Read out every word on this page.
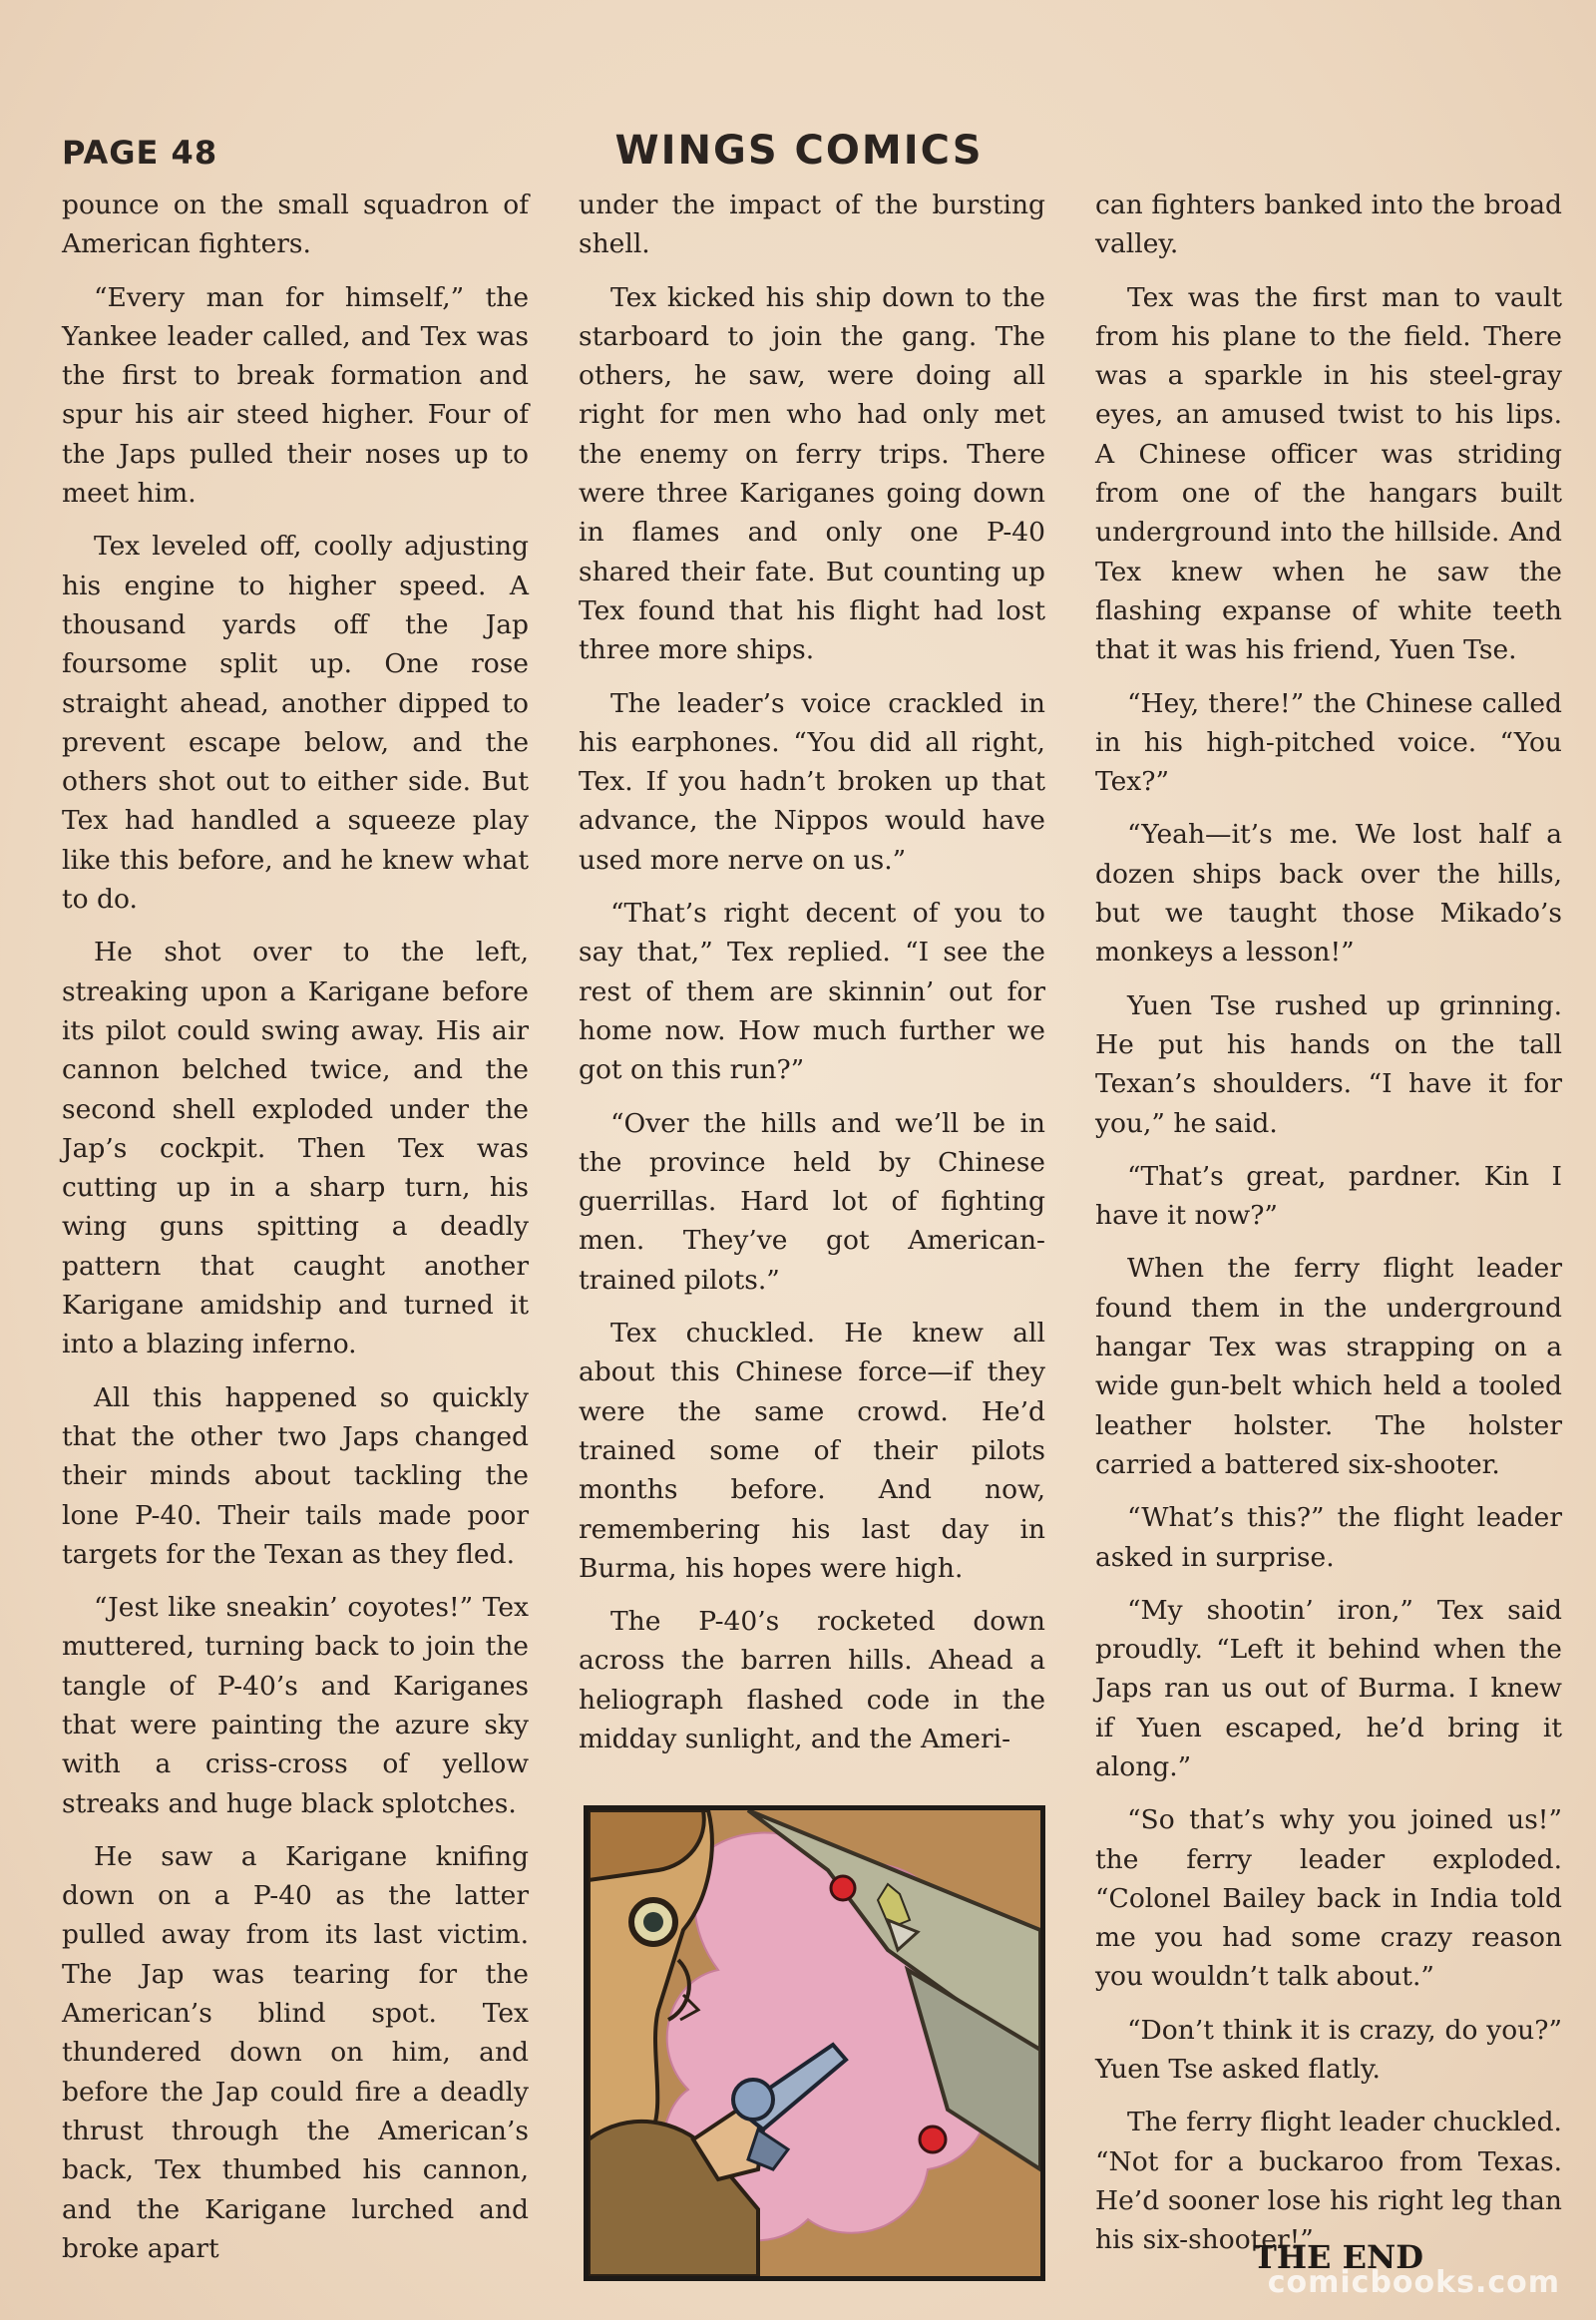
PAGE 48	WINGS COMICS

pounce on the small squadron of American fighters.

“Every man for himself,” the Yankee leader called, and Tex was the first to break formation and spur his air steed higher. Four of the Japs pulled their noses up to meet him.

Tex leveled off, coolly adjusting his engine to higher speed. A thousand yards off the Jap foursome split up. One rose straight ahead, another dipped to prevent escape below, and the others shot out to either side. But Tex had handled a squeeze play like this before, and he knew what to do.

He shot over to the left, streaking upon a Karigane before its pilot could swing away. His air cannon belched twice, and the second shell exploded under the Jap’s cockpit. Then Tex was cutting up in a sharp turn, his wing guns spitting a deadly pattern that caught another Karigane amidship and turned it into a blazing inferno.

All this happened so quickly that the other two Japs changed their minds about tackling the lone P-40. Their tails made poor targets for the Texan as they fled.

“Jest like sneakin’ coyotes!” Tex muttered, turning back to join the tangle of P-40’s and Kariganes that were painting the azure sky with a criss-cross of yellow streaks and huge black splotches.

He saw a Karigane knifing down on a P-40 as the latter pulled away from its last victim. The Jap was tearing for the American’s blind spot. Tex thundered down on him, and before the Jap could fire a deadly thrust through the American’s back, Tex thumbed his cannon, and the Karigane lurched and broke apart

under the impact of the bursting shell.

Tex kicked his ship down to the starboard to join the gang. The others, he saw, were doing all right for men who had only met the enemy on ferry trips. There were three Kariganes going down in flames and only one P-40 shared their fate. But counting up Tex found that his flight had lost three more ships.

The leader’s voice crackled in his earphones. “You did all right, Tex. If you hadn’t broken up that advance, the Nippos would have used more nerve on us.”

“That’s right decent of you to say that,” Tex replied. “I see the rest of them are skinnin’ out for home now. How much further we got on this run?”

“Over the hills and we’ll be in the province held by Chinese guerrillas. Hard lot of fighting men. They’ve got American-trained pilots.”

Tex chuckled. He knew all about this Chinese force—if they were the same crowd. He’d trained some of their pilots months before. And now, remembering his last day in Burma, his hopes were high.

The P-40’s rocketed down across the barren hills. Ahead a heliograph flashed code in the midday sunlight, and the Ameri-

can fighters banked into the broad valley.

Tex was the first man to vault from his plane to the field. There was a sparkle in his steel-gray eyes, an amused twist to his lips. A Chinese officer was striding from one of the hangars built underground into the hillside. And Tex knew when he saw the flashing expanse of white teeth that it was his friend, Yuen Tse.

“Hey, there!” the Chinese called in his high-pitched voice. “You Tex?”

“Yeah—it’s me. We lost half a dozen ships back over the hills, but we taught those Mikado’s monkeys a lesson!”

Yuen Tse rushed up grinning. He put his hands on the tall Texan’s shoulders. “I have it for you,” he said.

“That’s great, pardner. Kin I have it now?”

When the ferry flight leader found them in the underground hangar Tex was strapping on a wide gun-belt which held a tooled leather holster. The holster carried a battered six-shooter.

“What’s this?” the flight leader asked in surprise.

“My shootin’ iron,” Tex said proudly. “Left it behind when the Japs ran us out of Burma. I knew if Yuen escaped, he’d bring it along.”

“So that’s why you joined us!” the ferry leader exploded. “Colonel Bailey back in India told me you had some crazy reason you wouldn’t talk about.”

“Don’t think it is crazy, do you?” Yuen Tse asked flatly.

The ferry flight leader chuckled. “Not for a buckaroo from Texas. He’d sooner lose his right leg than his six-shooter!”

THE END
comicbooks.com
